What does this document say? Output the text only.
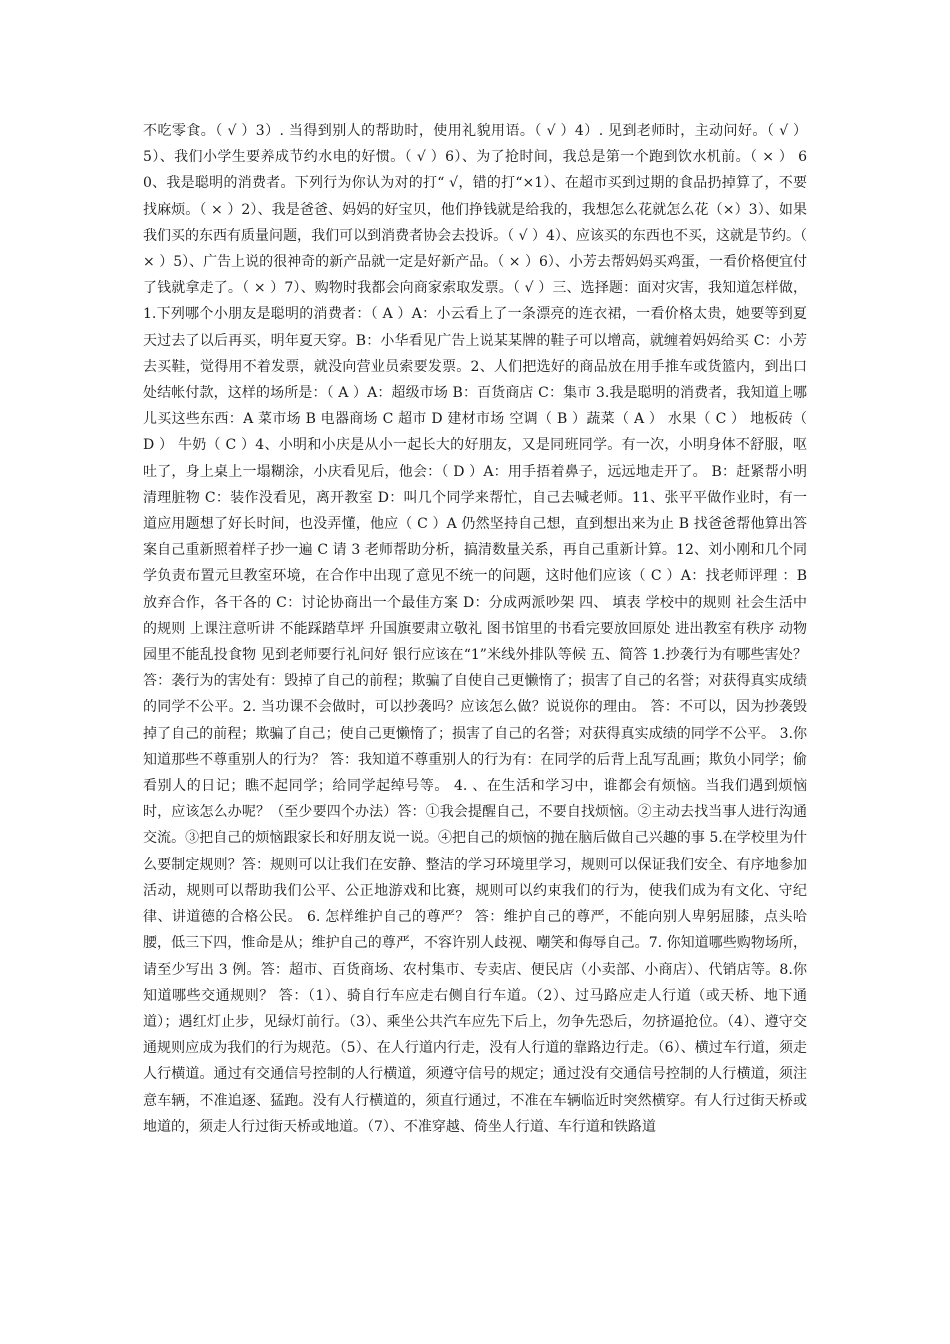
不吃零食。（ √ ）3）. 当得到别人的帮助时，使用礼貌用语。（ √ ）4）. 见到老师时，主动问好。（ √ ）5）、我们小学生要养成节约水电的好惯。（ √ ）6）、为了抢时间，我总是第一个跑到饮水机前。（ × ） 60、我是聪明的消费者。下列行为你认为对的打“ √，错的打“×1）、在超市买到过期的食品扔掉算了，不要找麻烦。（ × ）2）、我是爸爸、妈妈的好宝贝，他们挣钱就是给我的，我想怎么花就怎么花（×）3）、如果我们买的东西有质量问题，我们可以到消费者协会去投诉。（ √ ）4）、应该买的东西也不买，这就是节约。（ × ）5）、广告上说的很神奇的新产品就一定是好新产品。（ × ）6）、小芳去帮妈妈买鸡蛋，一看价格便宜付了钱就拿走了。（ × ）7）、购物时我都会向商家索取发票。（ √ ）三、选择题：面对灾害，我知道怎样做，1.下列哪个小朋友是聪明的消费者：（ A ）A：小云看上了一条漂亮的连衣裙，一看价格太贵，她要等到夏天过去了以后再买，明年夏天穿。B：小华看见广告上说某某牌的鞋子可以增高，就缠着妈妈给买 C：小芳去买鞋，觉得用不着发票，就没向营业员索要发票。2、人们把选好的商品放在用手推车或货篮内，到出口处结帐付款，这样的场所是：（ A ）A：超级市场 B：百货商店 C：集市 3.我是聪明的消费者，我知道上哪儿买这些东西：A 菜市场 B 电器商场 C 超市 D 建材市场 空调（ B ）蔬菜（ A ） 水果（ C ） 地板砖（ D ） 牛奶（ C ）4、小明和小庆是从小一起长大的好朋友，又是同班同学。有一次，小明身体不舒服，呕吐了，身上桌上一塌糊涂，小庆看见后，他会：（ D ）A：用手捂着鼻子，远远地走开了。 B：赶紧帮小明清理脏物 C：装作没看见，离开教室 D：叫几个同学来帮忙，自己去喊老师。11、张平平做作业时，有一道应用题想了好长时间，也没弄懂，他应（ C ）A 仍然坚持自己想，直到想出来为止 B 找爸爸帮他算出答案自己重新照着样子抄一遍 C 请 3 老师帮助分析，搞清数量关系，再自己重新计算。12、刘小刚和几个同学负责布置元旦教室环境，在合作中出现了意见不统一的问题，这时他们应该（ C ）A：找老师评理 ：B 放弃合作，各干各的 C：讨论协商出一个最佳方案 D：分成两派吵架 四、 填表 学校中的规则 社会生活中的规则 上课注意听讲 不能踩踏草坪 升国旗要肃立敬礼 图书馆里的书看完要放回原处 进出教室有秩序 动物园里不能乱投食物 见到老师要行礼问好 银行应该在“1”米线外排队等候 五、简答 1.抄袭行为有哪些害处？ 答：袭行为的害处有：毁掉了自己的前程；欺骗了自使自己更懒惰了；损害了自己的名誉；对获得真实成绩的同学不公平。2. 当功课不会做时，可以抄袭吗？应该怎么做？说说你的理由。 答：不可以，因为抄袭毁掉了自己的前程；欺骗了自己；使自己更懒惰了；损害了自己的名誉；对获得真实成绩的同学不公平。 3.你知道那些不尊重别人的行为？ 答：我知道不尊重别人的行为有：在同学的后背上乱写乱画；欺负小同学；偷看别人的日记；瞧不起同学；给同学起绰号等。 4. 、在生活和学习中，谁都会有烦恼。当我们遇到烦恼时，应该怎么办呢？（至少要四个办法）答：①我会提醒自己，不要自找烦恼。②主动去找当事人进行沟通交流。③把自己的烦恼跟家长和好朋友说一说。④把自己的烦恼的抛在脑后做自己兴趣的事 5.在学校里为什么要制定规则？答：规则可以让我们在安静、整洁的学习环境里学习，规则可以保证我们安全、有序地参加活动，规则可以帮助我们公平、公正地游戏和比赛，规则可以约束我们的行为，使我们成为有文化、守纪律、讲道德的合格公民。 6. 怎样维护自己的尊严？ 答：维护自己的尊严，不能向别人卑躬屈膝，点头哈腰，低三下四，惟命是从；维护自己的尊严，不容许别人歧视、嘲笑和侮辱自己。7. 你知道哪些购物场所，请至少写出 3 例。答：超市、百货商场、农村集市、专卖店、便民店（小卖部、小商店）、代销店等。8.你知道哪些交通规则？ 答：（1）、骑自行车应走右侧自行车道。（2）、过马路应走人行道（或天桥、地下通道）；遇红灯止步，见绿灯前行。（3）、乘坐公共汽车应先下后上，勿争先恐后，勿挤逼抢位。（4）、遵守交通规则应成为我们的行为规范。（5）、在人行道内行走，没有人行道的靠路边行走。（6）、横过车行道，须走人行横道。通过有交通信号控制的人行横道，须遵守信号的规定；通过没有交通信号控制的人行横道，须注意车辆，不准追逐、猛跑。没有人行横道的，须直行通过，不准在车辆临近时突然横穿。有人行过街天桥或地道的，须走人行过街天桥或地道。（7）、不准穿越、倚坐人行道、车行道和铁路道
